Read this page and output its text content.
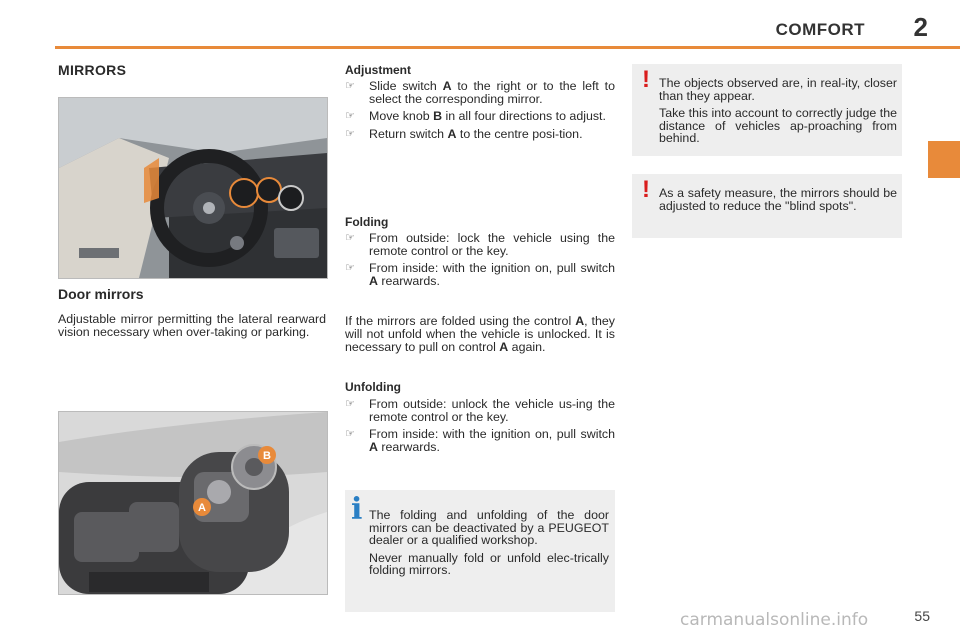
COMFORT 2
MIRRORS
Door mirrors
Adjustable mirror permitting the lateral rearward vision necessary when over-taking or parking.
B
A
Adjustment
☞ Slide switch A to the right or to the left to select the corresponding mirror.
☞ Move knob B in all four directions to adjust.
☞ Return switch A to the centre posi-tion.
Folding
☞ From outside: lock the vehicle using the remote control or the key.
☞ From inside: with the ignition on, pull switch A rearwards.
If the mirrors are folded using the control A, they will not unfold when the vehicle is unlocked. It is necessary to pull on control A again.
Unfolding
☞ From outside: unlock the vehicle us-ing the remote control or the key.
☞ From inside: with the ignition on, pull switch A rearwards.
i The folding and unfolding of the door mirrors can be deactivated by a PEUGEOT dealer or a qualified workshop.

Never manually fold or unfold elec-trically folding mirrors.

! The objects observed are, in real-ity, closer than they appear.

Take this into account to correctly judge the distance of vehicles ap-proaching from behind.

! As a safety measure, the mirrors should be adjusted to reduce the "blind spots".

carmanualsonline.info	55
